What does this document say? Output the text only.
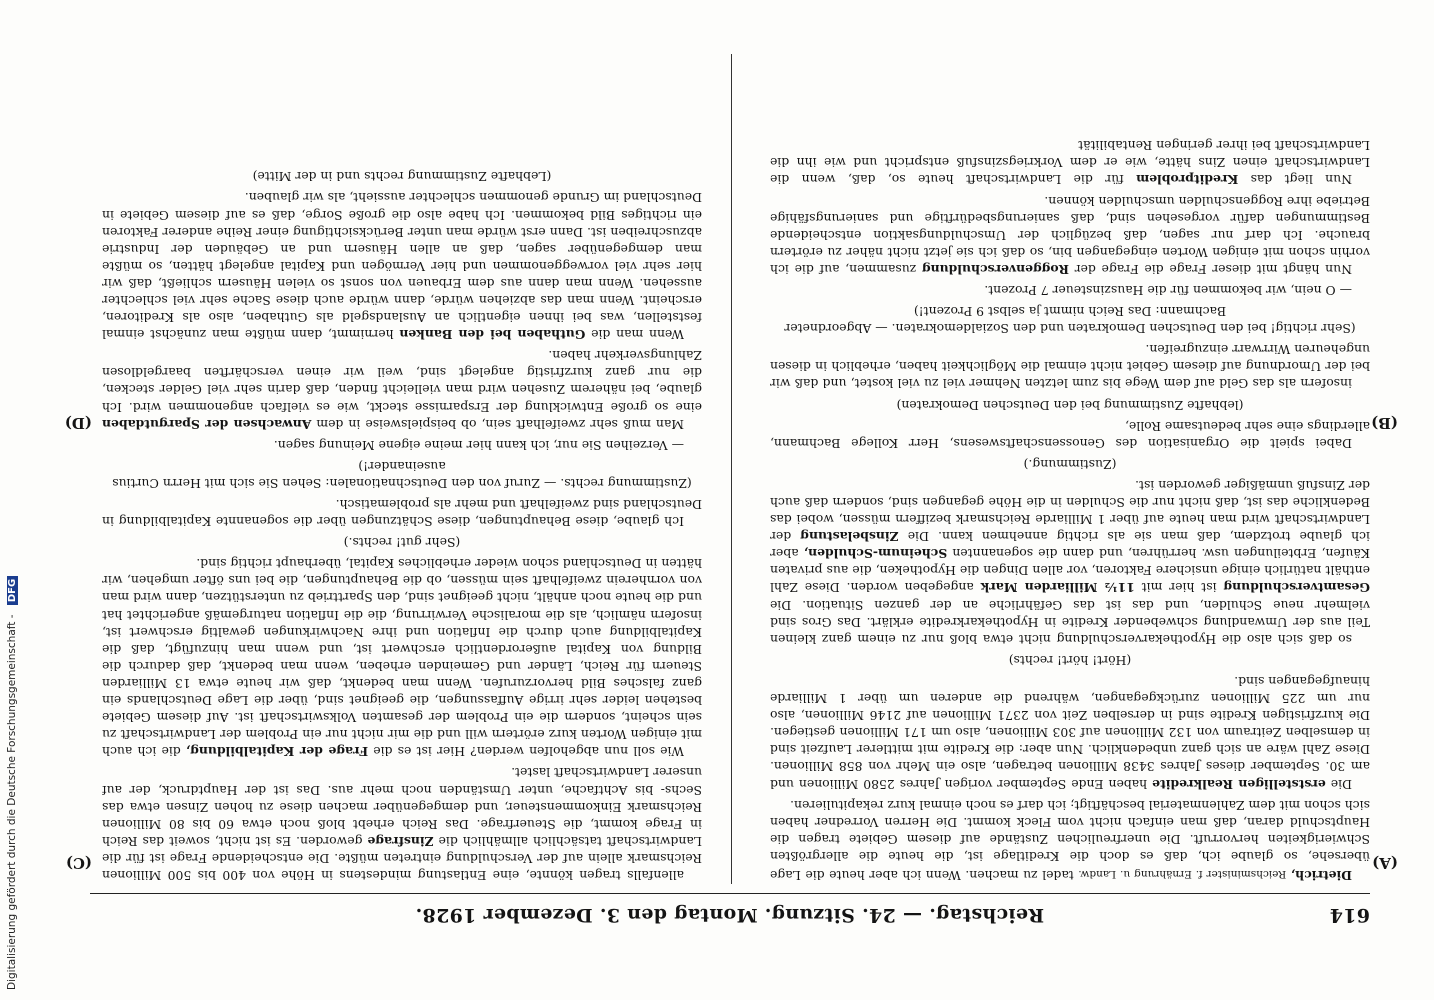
614
Reichstag. — 24. Sitzung. Montag den 3. Dezember 1928.
(A)
(B)
(C)
(D)

Dietrich, Reichsminister f. Ernährung u. Landw. tadel zu machen. Wenn ich aber heute die Lage übersehe, so glaube ich, daß es doch die Kreditlage ist, die heute die allergrößten Schwierigkeiten hervorruft. Die unerfreulichen Zustände auf diesem Gebiete tragen die Hauptschuld daran, daß man einfach nicht vom Fleck kommt. Die Herren Vorredner haben sich schon mit dem Zahlenmaterial beschäftigt; ich darf es noch einmal kurz rekapitulieren.

Die erststelligen Realkredite haben Ende September vorigen Jahres 2580 Millionen und am 30. September dieses Jahres 3438 Millionen betragen, also ein Mehr von 858 Millionen. Diese Zahl wäre an sich ganz unbedenklich. Nun aber: die Kredite mit mittlerer Laufzeit sind in demselben Zeitraum von 132 Millionen auf 303 Millionen, also um 171 Millionen gestiegen. Die kurzfristigen Kredite sind in derselben Zeit von 2371 Millionen auf 2146 Millionen, also nur um 225 Millionen zurückgegangen, während die anderen um über 1 Milliarde hinaufgegangen sind.

(Hört! hört! rechts)

so daß sich also die Hypothekarverschuldung nicht etwa bloß nur zu einem ganz kleinen Teil aus der Umwandlung schwebender Kredite in Hypothekarkredite erklärt. Das Gros sind vielmehr neue Schulden, und das ist das Gefährliche an der ganzen Situation. Die Gesamtverschuldung ist hier mit 11½ Milliarden Mark angegeben worden. Diese Zahl enthält natürlich einige unsichere Faktoren, vor allen Dingen die Hypotheken, die aus privaten Käufen, Erbteilungen usw. herrühren, und dann die sogenannten Scheinum-Schulden, aber ich glaube trotzdem, daß man sie als richtig annehmen kann. Die Zinsbelastung der Landwirtschaft wird man heute auf über 1 Milliarde Reichsmark beziffern müssen, wobei das Bedenkliche das ist, daß nicht nur die Schulden in die Höhe gegangen sind, sondern daß auch der Zinsfuß unmäßiger geworden ist.

(Zustimmung.)

Dabei spielt die Organisation des Genossenschaftswesens, Herr Kollege Bachmann, allerdings eine sehr bedeutsame Rolle,

(lebhafte Zustimmung bei den Deutschen Demokraten)

insofern als das Geld auf dem Wege bis zum letzten Nehmer viel zu viel kostet, und daß wir bei der Umordnung auf diesem Gebiet nicht einmal die Möglichkeit haben, erheblich in diesen ungeheuren Wirrwarr einzugreifen.

(Sehr richtig! bei den Deutschen Demokraten und den Sozialdemokraten. — Abgeordneter Bachmann: Das Reich nimmt ja selbst 9 Prozent!)

— O nein, wir bekommen für die Hauszinsteuer 7 Prozent.

Nun hängt mit dieser Frage die Frage der Roggenverschuldung zusammen, auf die ich vorhin schon mit einigen Worten eingegangen bin, so daß ich sie jetzt nicht näher zu erörtern brauche. Ich darf nur sagen, daß bezüglich der Umschuldungsaktion entscheidende Bestimmungen dafür vorgesehen sind, daß sanierungsbedürftige und sanierungsfähige Betriebe ihre Roggenschulden umschulden können.

Nun liegt das Kreditproblem für die Landwirtschaft heute so, daß, wenn die Landwirtschaft einen Zins hätte, wie er dem Vorkriegszinsfuß entspricht und wie ihn die Landwirtschaft bei ihrer geringen Rentabilität

allenfalls tragen könnte, eine Entlastung mindestens in Höhe von 400 bis 500 Millionen Reichsmark allein auf der Verschuldung eintreten müßte. Die entscheidende Frage ist für die Landwirtschaft tatsächlich allmählich die Zinsfrage geworden. Es ist nicht, soweit das Reich in Frage kommt, die Steuerfrage. Das Reich erhebt bloß noch etwa 60 bis 80 Millionen Reichsmark Einkommensteuer, und demgegenüber machen diese zu hohen Zinsen etwa das Sechs- bis Achtfache, unter Umständen noch mehr aus. Das ist der Hauptdruck, der auf unserer Landwirtschaft lastet.

Wie soll nun abgeholfen werden? Hier ist es die Frage der Kapitalbildung, die ich auch mit einigen Worten kurz erörtern will und die mir nicht nur ein Problem der Landwirtschaft zu sein scheint, sondern die ein Problem der gesamten Volkswirtschaft ist. Auf diesem Gebiete bestehen leider sehr irrige Auffassungen, die geeignet sind, über die Lage Deutschlands ein ganz falsches Bild hervorzurufen. Wenn man bedenkt, daß wir heute etwa 13 Milliarden Steuern für Reich, Länder und Gemeinden erheben, wenn man bedenkt, daß dadurch die Bildung von Kapital außerordentlich erschwert ist, und wenn man hinzufügt, daß die Kapitalbildung auch durch die Inflation und ihre Nachwirkungen gewaltig erschwert ist, insofern nämlich, als die moralische Verwirrung, die die Inflation naturgemäß angerichtet hat und die heute noch anhält, nicht geeignet sind, den Sparttrieb zu unterstützen, dann wird man von vornherein zweifelhaft sein müssen, ob die Behauptungen, die bei uns öfter umgehen, wir hätten in Deutschland schon wieder erhebliches Kapital, überhaupt richtig sind.

(Sehr gut! rechts.)

Ich glaube, diese Behauptungen, diese Schätzungen über die sogenannte Kapitalbildung in Deutschland sind zweifelhaft und mehr als problematisch.

(Zustimmung rechts. — Zuruf von den Deutschnationalen: Sehen Sie sich mit Herrn Curtius auseinander!)

— Verzeihen Sie nur, ich kann hier meine eigene Meinung sagen.

Man muß sehr zweifelhaft sein, ob beispielsweise in dem Anwachsen der Spargutdaben eine so große Entwicklung der Ersparnisse steckt, wie es vielfach angenommen wird. Ich glaube, bei näherem Zusehen wird man vielleicht finden, daß darin sehr viel Gelder stecken, die nur ganz kurzfristig angelegt sind, weil wir einen verschärften baargeldlosen Zahlungsverkehr haben.

Wenn man die Guthaben bei den Banken hernimmt, dann müßte man zunächst einmal feststellen, was bei ihnen eigentlich an Auslandsgeld als Guthaben, also als Kreditoren, erscheint. Wenn man das abziehen würde, dann würde auch diese Sache sehr viel schlechter aussehen. Wenn man dann aus dem Erbauen von sonst so vielen Häusern schließt, daß wir hier sehr viel vorweggenommen und hier Vermögen und Kapital angelegt hätten, so müßte man demgegenüber sagen, daß an allen Häusern und an Gebäuden der Industrie abzuschreiben ist. Dann erst würde man unter Berücksichtigung einer Reihe anderer Faktoren ein richtiges Bild bekommen. Ich habe also die große Sorge, daß es auf diesem Gebiete in Deutschland im Grunde genommen schlechter aussieht, als wir glauben.

(Lebhafte Zustimmung rechts und in der Mitte)

Digitalisierung gefördert durch die Deutsche Forschungsgemeinschaft - DFG
